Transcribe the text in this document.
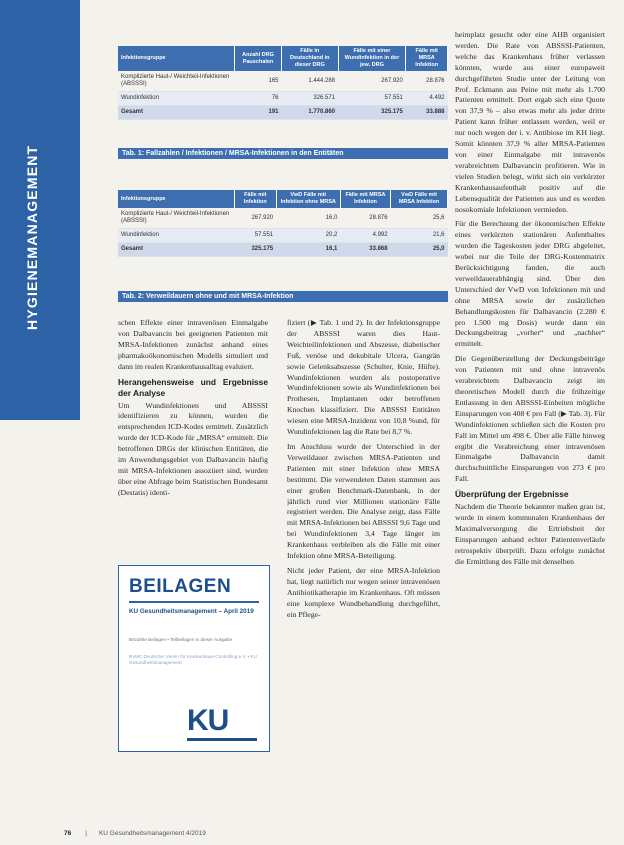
HYGIENEMANAGEMENT
Infektionsgruppe	Anzahl DRG Pauschalen	Fälle in Deutschland in dieser DRG	Fälle mit einer Wundinfektion in der jew. DRG	Fälle mit MRSA Infektion
Komplizierte Haut-/ Weichteil-Infektionen (ABSSSI)	165	1.444.288	267.920	28.876
Wundinfektion	76	326.571	57.551	4.492
Gesamt	191	1.770.860	325.175	33.888
Tab. 1: Fallzahlen / Infektionen / MRSA-Infektionen in den Entitäten
Infektionsgruppe	Fälle mit Infektion	VwD Fälle mit Infektion ohne MRSA	Fälle mit MRSA Infektion	VwD Fälle mit MRSA Infektion
Komplizierte Haut-/ Weichteil-Infektionen (ABSSSI)	267.920	16,0	28.876	25,6
Wundinfektion	57.551	20,2	4.992	21,6
Gesamt	325.175	16,1	33.868	25,0
Tab. 2: Verweildauern ohne und mit MRSA-Infektion

schen Effekte einer intravenösen Einmalgabe von Dalbavancin bei geeigneten Patienten mit MRSA-Infektionen zunächst anhand eines pharmakoökonomischen Modells simuliert und dann im realen Krankenhausalltag evaluiert.

Herangehensweise und Ergebnisse der Analyse

Um Wundinfektionen und ABSSSI identifizieren zu können, wurden die entsprechenden ICD-Kodes ermittelt. Zusätzlich wurde der ICD-Kode für „MRSA“ ermittelt. Die betroffenen DRGs der klinischen Entitäten, die im Anwendungsgebiet von Dalbavancin häufig mit MRSA-Infektionen assoziiert sind, wurden über eine Abfrage beim Statistischen Bundesamt (Destatis) identi-

BEILAGEN
KU Gesundheitsmanagement – April 2019
Bezahlte Beilagen • Teilbeilagen in dieser Ausgabe
BVMC Deutscher Verein für Krankenhaus-Controlling e.V. • KU Gesundheitsmanagement
KU

fiziert (▶ Tab. 1 und 2). In der Infektionsgruppe der ABSSSI waren dies Haut-Weichteilinfektionen und Abszesse, diabetischer Fuß, venöse und dekubitale Ulcera, Gangrän sowie Gelenksabszesse (Schulter, Knie, Hüfte). Wundinfektionen wurden als postoperative Wundinfektionen sowie als Wundinfektionen bei Prothesen, Implantaten oder betroffenen Knochen klassifiziert. Die ABSSSI Entitäten wiesen eine MRSA-Inzidenz von 10,8 %und, für Wundinfektionen lag die Rate bei 8,7 %.

Im Anschluss wurde der Unterschied in der Verweildauer zwischen MRSA-Patienten und Patienten mit einer Infektion ohne MRSA bestimmt. Die verwendeten Daten stammen aus einer großen Benchmark-Datenbank, in der jährlich rund vier Millionen stationäre Fälle registriert werden. Die Analyse zeigt, dass Fälle mit MRSA-Infektionen bei ABSSSI 9,6 Tage und bei Wundinfektionen 3,4 Tage länger im Krankenhaus verbleiben als die Fälle mit einer Infektion ohne MRSA-Beteiligung.

Nicht jeder Patient, der eine MRSA-Infektion hat, liegt natürlich nur wegen seiner intravenösen Antibiotikatherapie im Krankenhaus. Oft müssen eine komplexe Wundbehandlung durchgeführt, ein Pflege-

heimplatz gesucht oder eine AHB organisiert werden. Die Rate von ABSSSI-Patienten, welche das Krankenhaus früher verlassen könnten, wurde aus einer europaweit durchgeführten Studie unter der Leitung von Prof. Eckmann aus Peine mit mehr als 1.700 Patienten ermittelt. Dort ergab sich eine Quote von 37,9 % – also etwas mehr als jeder dritte Patient kann früher entlassen werden, weil er nur noch wegen der i. v. Antibiose im KH liegt. Somit könnten 37,9 % aller MRSA-Patienten von einer Einmalgabe mit intravenös verabreichtem Dalbavancin profitieren. Wie in vielen Studien belegt, wirkt sich ein verkürzter Krankenhausaufenthalt positiv auf die Lebensqualität der Patienten aus und es werden nosokomiale Infektionen vermieden.

Für die Berechnung der ökonomischen Effekte eines verkürzten stationären Aufenthaltes wurden die Tageskosten jeder DRG abgeleitet, wobei nur die Teile der DRG-Kostenmatrix Berücksichtigung fanden, die auch verweildauerabhängig sind. Über den Unterschied der VwD von Infektionen mit und ohne MRSA sowie der zusätzlichen Behandlungskosten für Dalbavancin (2.280 € pro 1.500 mg Dosis) wurde dann ein Deckungsbeitrag „vorher“ und „nachher“ ermittelt.

Die Gegenüberstellung der Deckungsbeiträge von Patienten mit und ohne intravenös verabreichtem Dalbavancin zeigt im theoretischen Modell durch die frühzeitige Entlassung in den ABSSSI-Einheiten mögliche Einsparungen von 408 € pro Fall (▶ Tab. 3). Für Wundinfektionen schließen sich die Kosten pro Fall im Mittel um 498 €. Über alle Fälle hinweg ergibt die Verabreichung einer intravenösen Einmalgabe Dalbavancin damit durchschnittliche Einsparungen von 273 € pro Fall.

Überprüfung der Ergebnisse

Nachdem die Theorie bekannter maßen grau ist, wurde in einem kommunalen Krankenhaus der Maximalversorgung die Ertriebsbeit der Einsparungen anhand echter Patientenverläufe retrospektiv überprüft. Dazu erfolgte zunächst die Ermittlung des Fälle mit denselben

76 | KU Gesundheitsmanagement 4/2019
